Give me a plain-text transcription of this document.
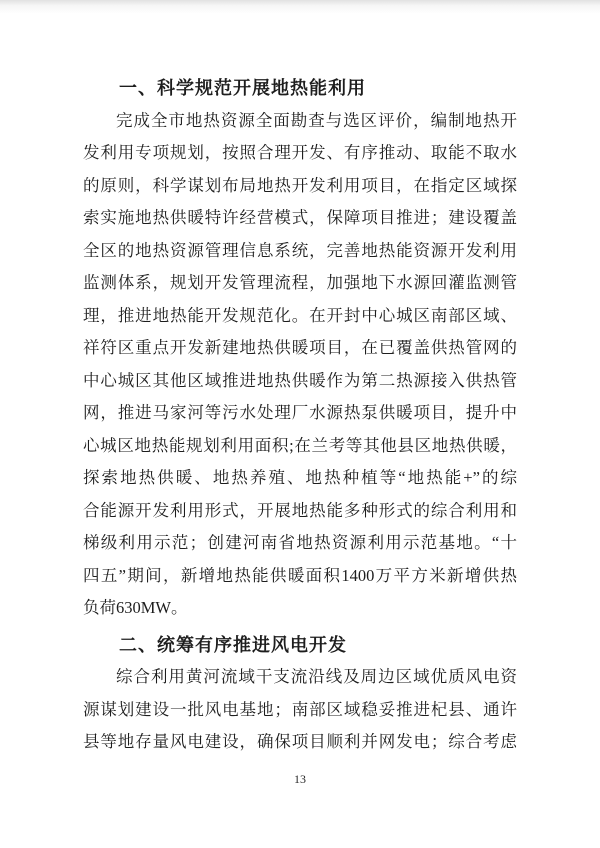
一、科学规范开展地热能利用
完成全市地热资源全面勘查与选区评价，编制地热开
发利用专项规划，按照合理开发、有序推动、取能不取水
的原则，科学谋划布局地热开发利用项目，在指定区域探
索实施地热供暖特许经营模式，保障项目推进；建设覆盖
全区的地热资源管理信息系统，完善地热能资源开发利用
监测体系，规划开发管理流程，加强地下水源回灌监测管
理，推进地热能开发规范化。在开封中心城区南部区域、
祥符区重点开发新建地热供暖项目，在已覆盖供热管网的
中心城区其他区域推进地热供暖作为第二热源接入供热管
网，推进马家河等污水处理厂水源热泵供暖项目，提升中
心城区地热能规划利用面积;在兰考等其他县区地热供暖，
探索地热供暖、地热养殖、地热种植等“地热能+”的综
合能源开发利用形式，开展地热能多种形式的综合利用和
梯级利用示范；创建河南省地热资源利用示范基地。“十
四五”期间，新增地热能供暖面积1400万平方米新增供热
负荷630MW。
二、统筹有序推进风电开发
综合利用黄河流域干支流沿线及周边区域优质风电资
源谋划建设一批风电基地；南部区域稳妥推进杞县、通许
县等地存量风电建设，确保项目顺利并网发电；综合考虑
13
